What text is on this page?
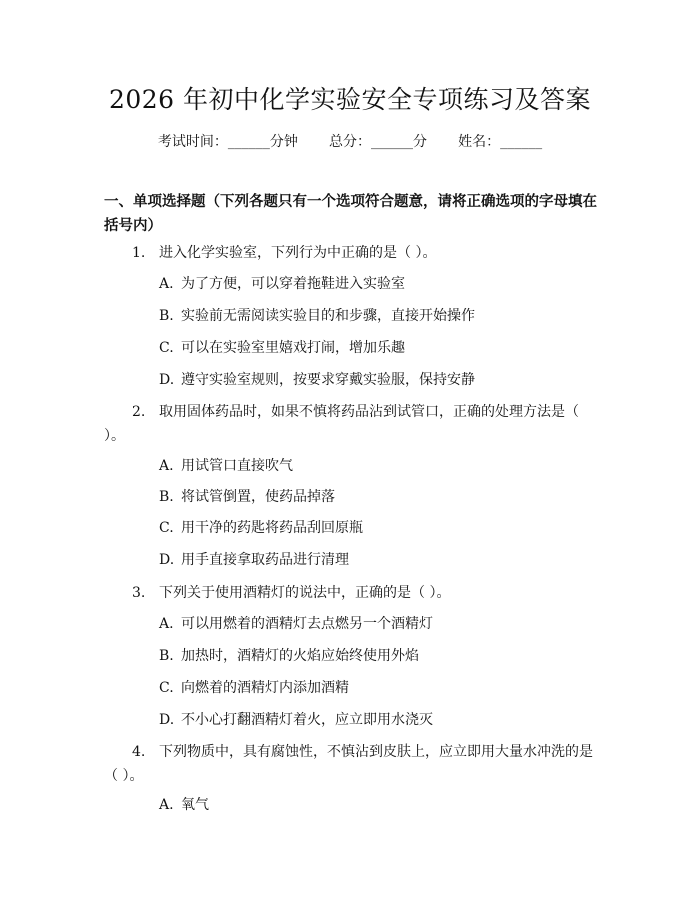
2026 年初中化学实验安全专项练习及答案
考试时间：______分钟 总分：______分 姓名：______
一、单项选择题（下列各题只有一个选项符合题意，请将正确选项的字母填在括号内）
1. 进入化学实验室，下列行为中正确的是（ ）。
A. 为了方便，可以穿着拖鞋进入实验室
B. 实验前无需阅读实验目的和步骤，直接开始操作
C. 可以在实验室里嬉戏打闹，增加乐趣
D. 遵守实验室规则，按要求穿戴实验服，保持安静
2. 取用固体药品时，如果不慎将药品沾到试管口，正确的处理方法是（ ）。
A. 用试管口直接吹气
B. 将试管倒置，使药品掉落
C. 用干净的药匙将药品刮回原瓶
D. 用手直接拿取药品进行清理
3. 下列关于使用酒精灯的说法中，正确的是（ ）。
A. 可以用燃着的酒精灯去点燃另一个酒精灯
B. 加热时，酒精灯的火焰应始终使用外焰
C. 向燃着的酒精灯内添加酒精
D. 不小心打翻酒精灯着火，应立即用水浇灭
4. 下列物质中，具有腐蚀性，不慎沾到皮肤上，应立即用大量水冲洗的是（ ）。
A. 氧气
